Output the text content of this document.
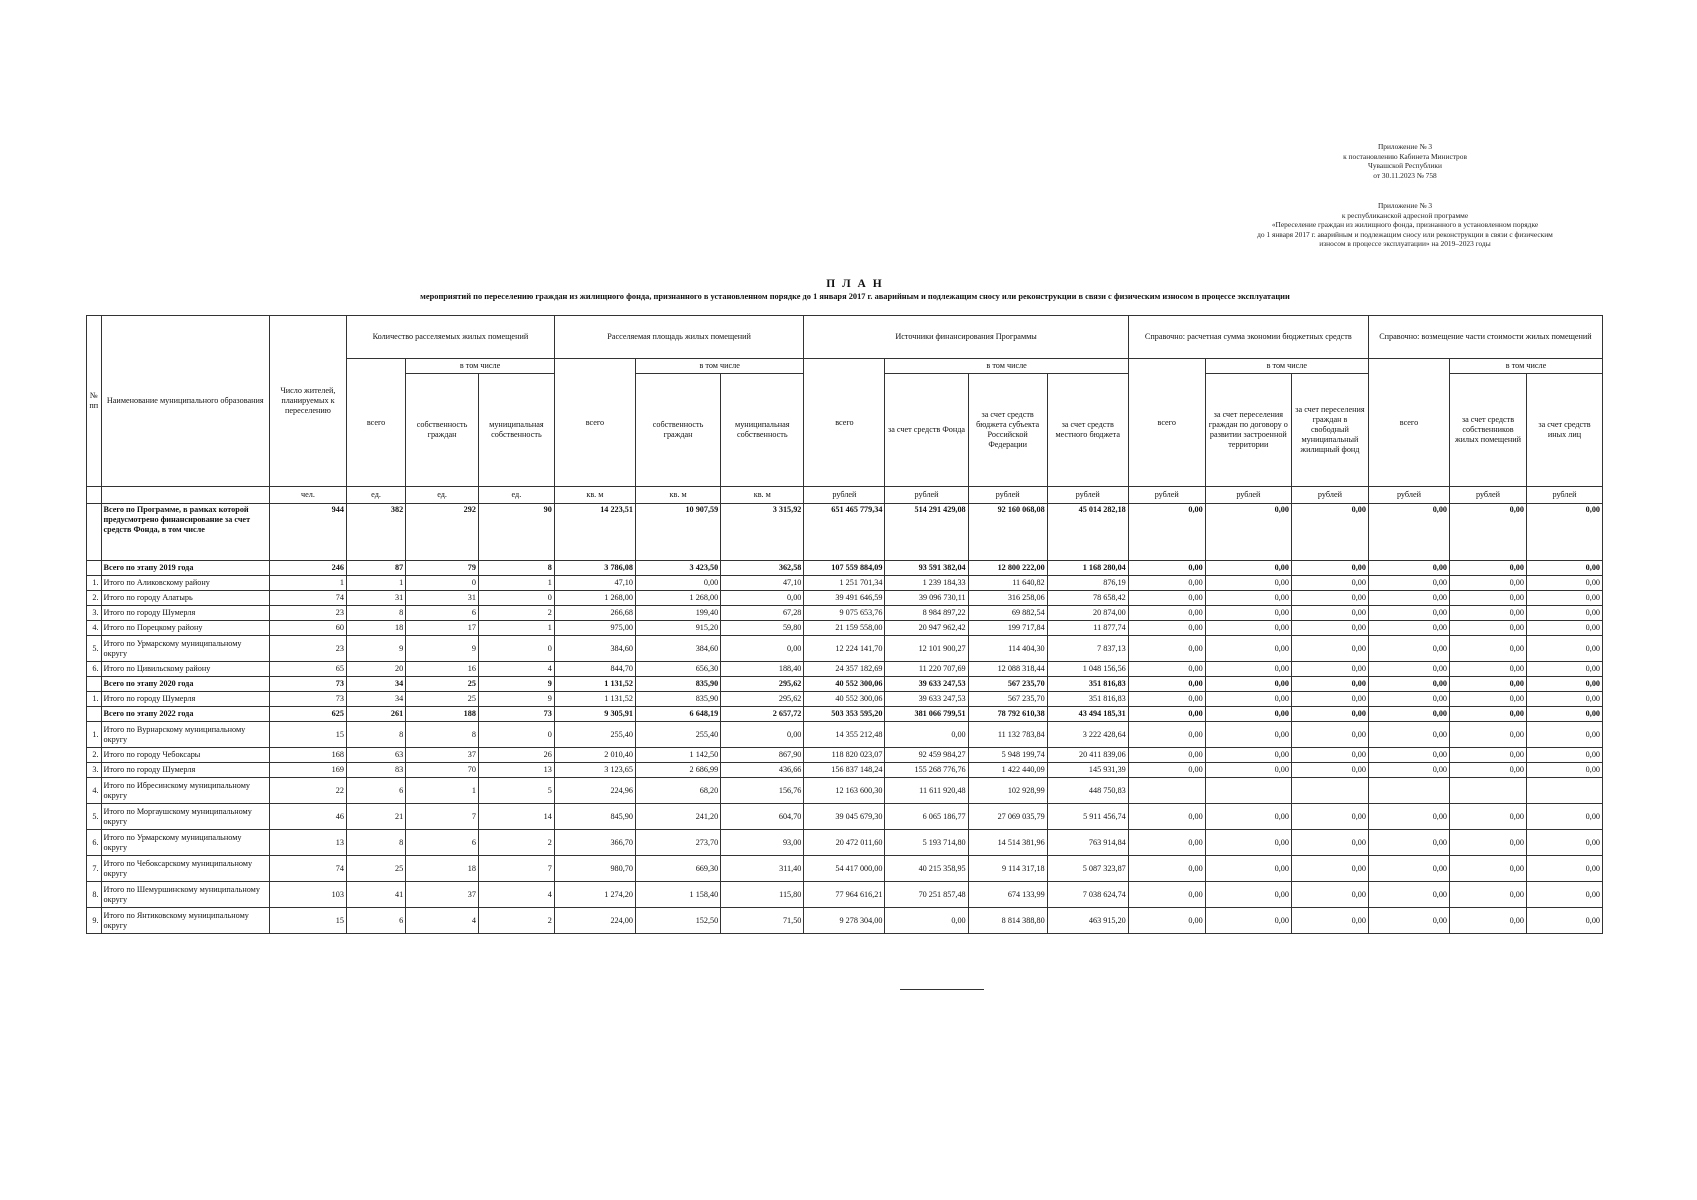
Приложение № 3
к постановлению Кабинета Министров
Чувашской Республики
от 30.11.2023 № 758
Приложение № 3
к республиканской адресной программе
«Переселение граждан из жилищного фонда, признанного в установленном порядке
до 1 января 2017 г. аварийным и подлежащим сносу или реконструкции в связи с физическим
износом в процессе эксплуатации» на 2019–2023 годы
П Л А Н
мероприятий по переселению граждан из жилищного фонда, признанного в установленном порядке до 1 января 2017 г. аварийным и подлежащим сносу или реконструкции в связи с физическим износом в процессе эксплуатации
№ пп	Наименование муниципального образования	Число жителей, планируемых к переселению	Количество расселяемых жилых помещений			Расселяемая площадь жилых помещений			Источники финансирования Программы				Справочно: расчетная сумма экономии бюджетных средств			Справочно: возмещение части стоимости жилых помещений		
			всего	в том числе		всего	в том числе		всего	в том числе			всего	в том числе		всего	в том числе	
				собственность граждан	муниципальная собственность		собственность граждан	муниципальная собственность		за счет средств Фонда	за счет средств бюджета субъекта Российской Федерации	за счет средств местного бюджета		за счет переселения граждан по договору о развитии застроенной территории	за счет переселения граждан в свободный муниципальный жилищный фонд		за счет средств собственников жилых помещений	за счет средств иных лиц
		чел.	ед.	ед.	ед.	кв. м	кв. м	кв. м	рублей	рублей	рублей	рублей	рублей	рублей	рублей	рублей	рублей	рублей
	Всего по Программе, в рамках которой предусмотрено финансирование за счет средств Фонда, в том числе	944	382	292	90	14 223,51	10 907,59	3 315,92	651 465 779,34	514 291 429,08	92 160 068,08	45 014 282,18	0,00	0,00	0,00	0,00	0,00	0,00
	Всего по этапу 2019 года	246	87	79	8	3 786,08	3 423,50	362,58	107 559 884,09	93 591 382,04	12 800 222,00	1 168 280,04	0,00	0,00	0,00	0,00	0,00	0,00
1.	Итого по Аликовскому району	1	1	0	1	47,10	0,00	47,10	1 251 701,34	1 239 184,33	11 640,82	876,19	0,00	0,00	0,00	0,00	0,00	0,00
2.	Итого по городу Алатырь	74	31	31	0	1 268,00	1 268,00	0,00	39 491 646,59	39 096 730,11	316 258,06	78 658,42	0,00	0,00	0,00	0,00	0,00	0,00
3.	Итого по городу Шумерля	23	8	6	2	266,68	199,40	67,28	9 075 653,76	8 984 897,22	69 882,54	20 874,00	0,00	0,00	0,00	0,00	0,00	0,00
4.	Итого по Порецкому району	60	18	17	1	975,00	915,20	59,80	21 159 558,00	20 947 962,42	199 717,84	11 877,74	0,00	0,00	0,00	0,00	0,00	0,00
5.	Итого по Урмарскому муниципальному округу	23	9	9	0	384,60	384,60	0,00	12 224 141,70	12 101 900,27	114 404,30	7 837,13	0,00	0,00	0,00	0,00	0,00	0,00
6.	Итого по Цивильскому району	65	20	16	4	844,70	656,30	188,40	24 357 182,69	11 220 707,69	12 088 318,44	1 048 156,56	0,00	0,00	0,00	0,00	0,00	0,00
	Всего по этапу 2020 года	73	34	25	9	1 131,52	835,90	295,62	40 552 300,06	39 633 247,53	567 235,70	351 816,83	0,00	0,00	0,00	0,00	0,00	0,00
1.	Итого по городу Шумерля	73	34	25	9	1 131,52	835,90	295,62	40 552 300,06	39 633 247,53	567 235,70	351 816,83	0,00	0,00	0,00	0,00	0,00	0,00
	Всего по этапу 2022 года	625	261	188	73	9 305,91	6 648,19	2 657,72	503 353 595,20	381 066 799,51	78 792 610,38	43 494 185,31	0,00	0,00	0,00	0,00	0,00	0,00
1.	Итого по Вурнарскому муниципальному округу	15	8	8	0	255,40	255,40	0,00	14 355 212,48	0,00	11 132 783,84	3 222 428,64	0,00	0,00	0,00	0,00	0,00	0,00
2.	Итого по городу Чебоксары	168	63	37	26	2 010,40	1 142,50	867,90	118 820 023,07	92 459 984,27	5 948 199,74	20 411 839,06	0,00	0,00	0,00	0,00	0,00	0,00
3.	Итого по городу Шумерля	169	83	70	13	3 123,65	2 686,99	436,66	156 837 148,24	155 268 776,76	1 422 440,09	145 931,39	0,00	0,00	0,00	0,00	0,00	0,00
4.	Итого по Ибресинскому муниципальному округу	22	6	1	5	224,96	68,20	156,76	12 163 600,30	11 611 920,48	102 928,99	448 750,83						
5.	Итого по Моргаушскому муниципальному округу	46	21	7	14	845,90	241,20	604,70	39 045 679,30	6 065 186,77	27 069 035,79	5 911 456,74	0,00	0,00	0,00	0,00	0,00	0,00
6.	Итого по Урмарскому муниципальному округу	13	8	6	2	366,70	273,70	93,00	20 472 011,60	5 193 714,80	14 514 381,96	763 914,84	0,00	0,00	0,00	0,00	0,00	0,00
7.	Итого по Чебоксарскому муниципальному округу	74	25	18	7	980,70	669,30	311,40	54 417 000,00	40 215 358,95	9 114 317,18	5 087 323,87	0,00	0,00	0,00	0,00	0,00	0,00
8.	Итого по Шемуршинскому муниципальному округу	103	41	37	4	1 274,20	1 158,40	115,80	77 964 616,21	70 251 857,48	674 133,99	7 038 624,74	0,00	0,00	0,00	0,00	0,00	0,00
9.	Итого по Янтиковскому муниципальному округу	15	6	4	2	224,00	152,50	71,50	9 278 304,00	0,00	8 814 388,80	463 915,20	0,00	0,00	0,00	0,00	0,00	0,00
